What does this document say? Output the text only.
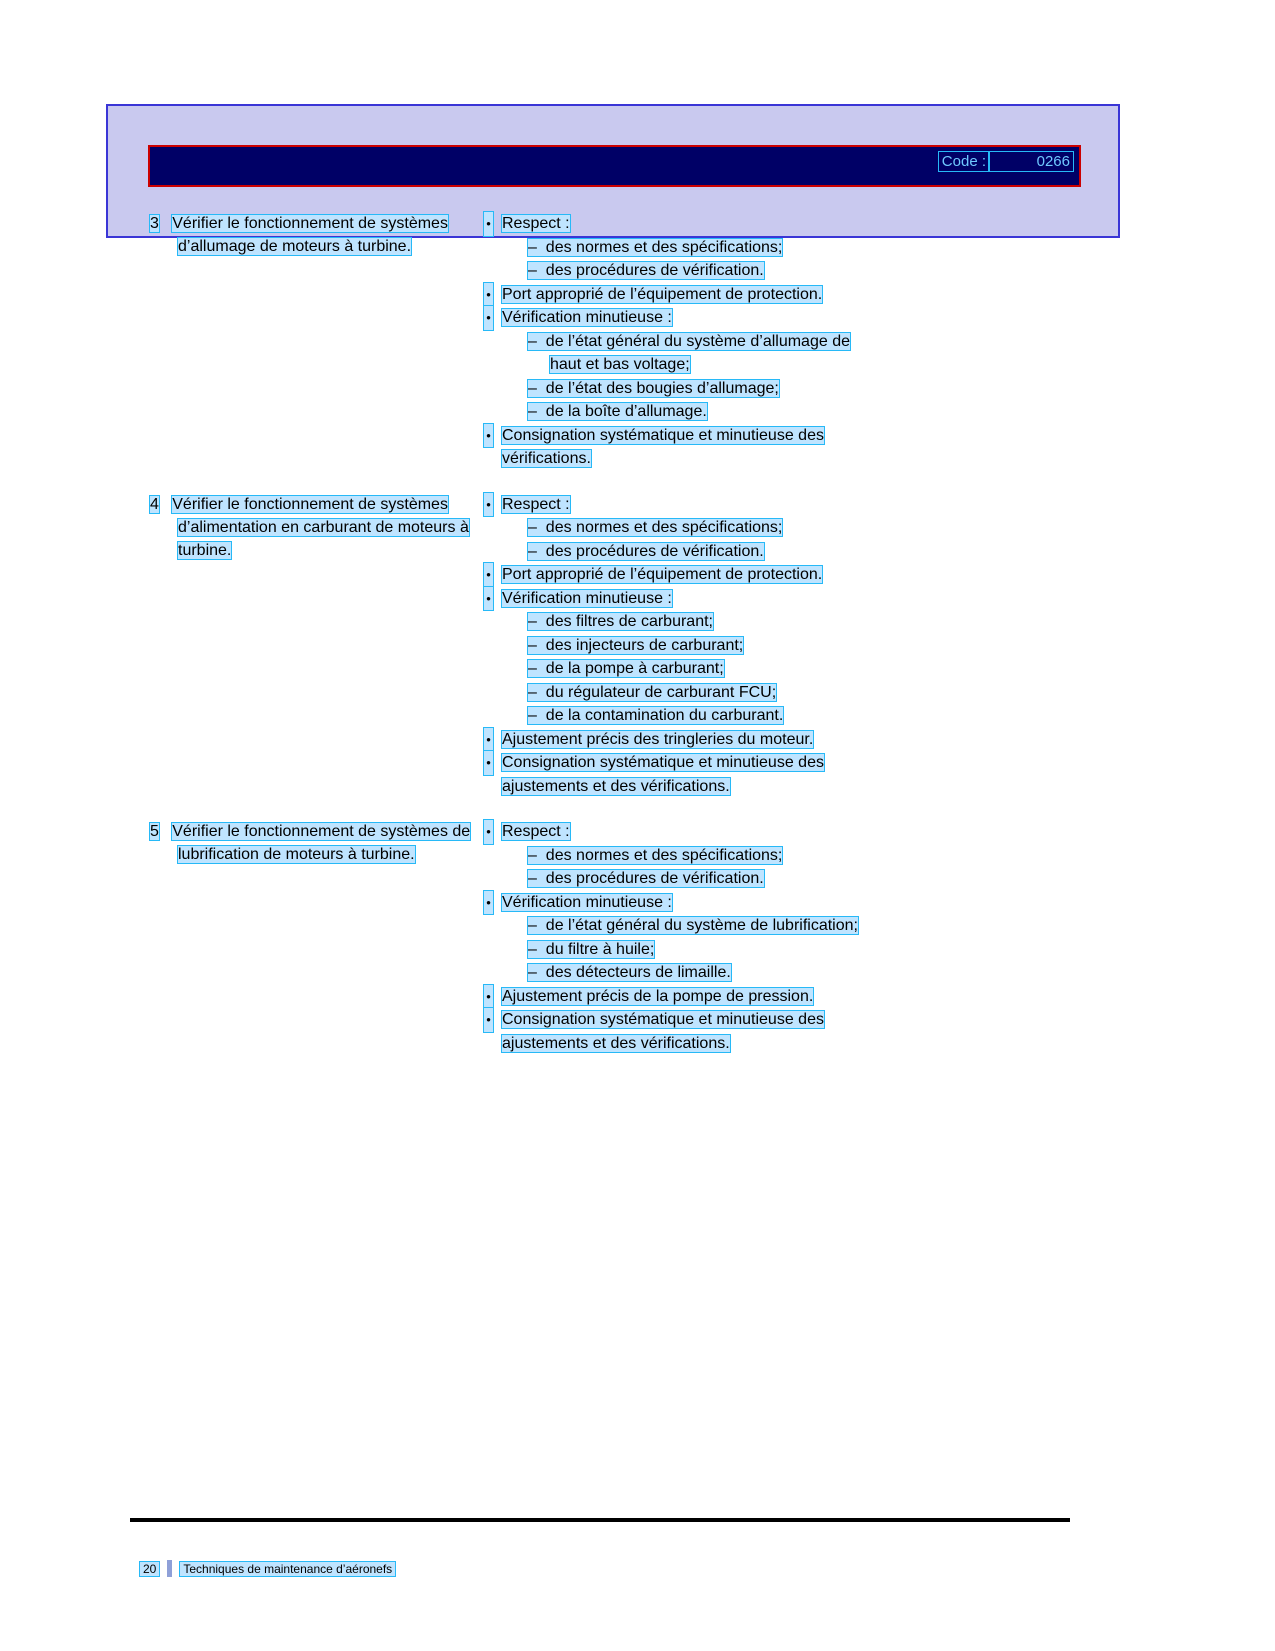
Code :	0266
3 Vérifier le fonctionnement de systèmes
d’allumage de moteurs à turbine.
• Respect :
– des normes et des spécifications;
– des procédures de vérification.
• Port approprié de l’équipement de protection.
• Vérification minutieuse :
– de l’état général du système d’allumage de
haut et bas voltage;
– de l’état des bougies d’allumage;
– de la boîte d’allumage.
• Consignation systématique et minutieuse des
vérifications.
4 Vérifier le fonctionnement de systèmes
d’alimentation en carburant de moteurs à
turbine.
• Respect :
– des normes et des spécifications;
– des procédures de vérification.
• Port approprié de l’équipement de protection.
• Vérification minutieuse :
– des filtres de carburant;
– des injecteurs de carburant;
– de la pompe à carburant;
– du régulateur de carburant FCU;
– de la contamination du carburant.
• Ajustement précis des tringleries du moteur.
• Consignation systématique et minutieuse des
ajustements et des vérifications.
5 Vérifier le fonctionnement de systèmes de
lubrification de moteurs à turbine.
• Respect :
– des normes et des spécifications;
– des procédures de vérification.
• Vérification minutieuse :
– de l’état général du système de lubrification;
– du filtre à huile;
– des détecteurs de limaille.
• Ajustement précis de la pompe de pression.
• Consignation systématique et minutieuse des
ajustements et des vérifications.
20 Techniques de maintenance d’aéronefs
